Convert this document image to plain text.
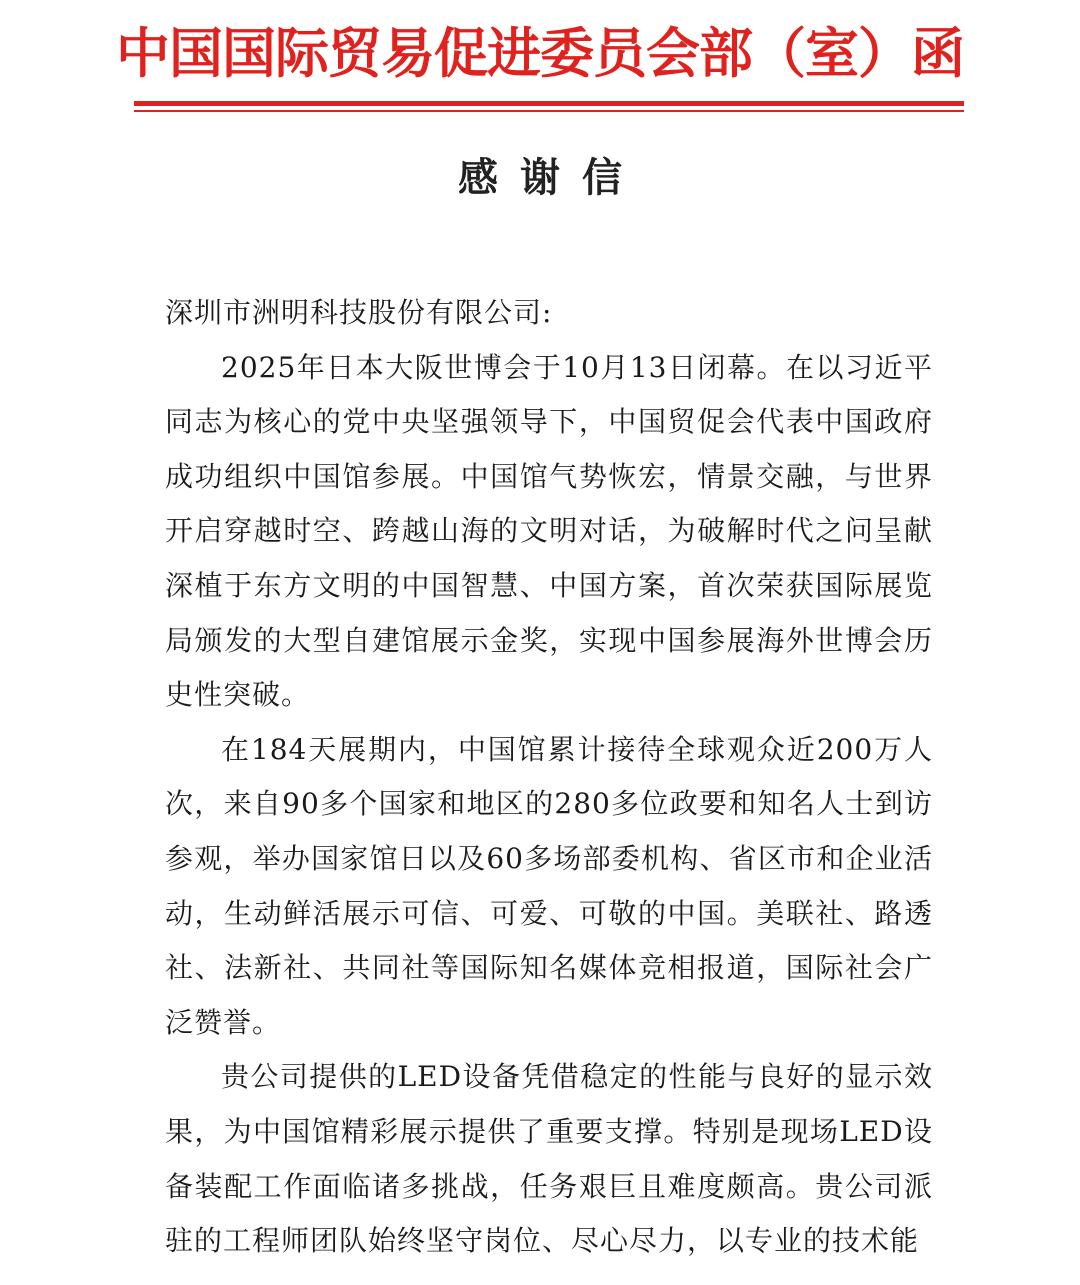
中国国际贸易促进委员会部（室）函
感谢信

深圳市洲明科技股份有限公司:

2025年日本大阪世博会于10月13日闭幕。在以习近平同志为核心的党中央坚强领导下，中国贸促会代表中国政府成功组织中国馆参展。中国馆气势恢宏，情景交融，与世界开启穿越时空、跨越山海的文明对话，为破解时代之问呈献深植于东方文明的中国智慧、中国方案，首次荣获国际展览局颁发的大型自建馆展示金奖，实现中国参展海外世博会历史性突破。

在184天展期内，中国馆累计接待全球观众近200万人次，来自90多个国家和地区的280多位政要和知名人士到访参观，举办国家馆日以及60多场部委机构、省区市和企业活动，生动鲜活展示可信、可爱、可敬的中国。美联社、路透社、法新社、共同社等国际知名媒体竞相报道，国际社会广泛赞誉。

贵公司提供的LED设备凭借稳定的性能与良好的显示效果，为中国馆精彩展示提供了重要支撑。特别是现场LED设备装配工作面临诸多挑战，任务艰巨且难度颇高。贵公司派驻的工程师团队始终坚守岗位、尽心尽力，以专业的技术能
